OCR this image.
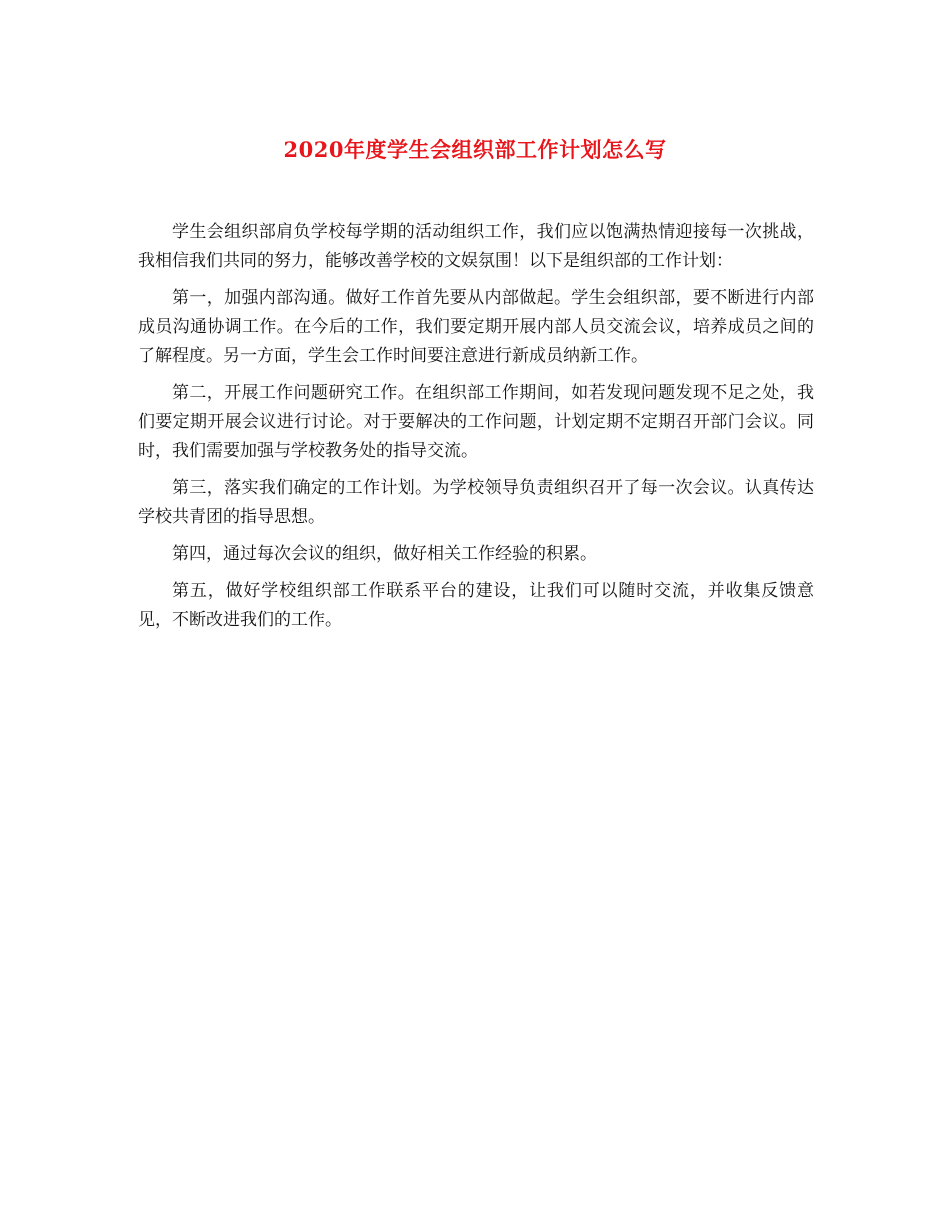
2020年度学生会组织部工作计划怎么写

学生会组织部肩负学校每学期的活动组织工作，我们应以饱满热情迎接每一次挑战，我相信我们共同的努力，能够改善学校的文娱氛围！以下是组织部的工作计划：

第一，加强内部沟通。做好工作首先要从内部做起。学生会组织部，要不断进行内部成员沟通协调工作。在今后的工作，我们要定期开展内部人员交流会议，培养成员之间的了解程度。另一方面，学生会工作时间要注意进行新成员纳新工作。

第二，开展工作问题研究工作。在组织部工作期间，如若发现问题发现不足之处，我们要定期开展会议进行讨论。对于要解决的工作问题，计划定期不定期召开部门会议。同时，我们需要加强与学校教务处的指导交流。

第三，落实我们确定的工作计划。为学校领导负责组织召开了每一次会议。认真传达学校共青团的指导思想。

第四，通过每次会议的组织，做好相关工作经验的积累。

第五，做好学校组织部工作联系平台的建设，让我们可以随时交流，并收集反馈意见，不断改进我们的工作。
